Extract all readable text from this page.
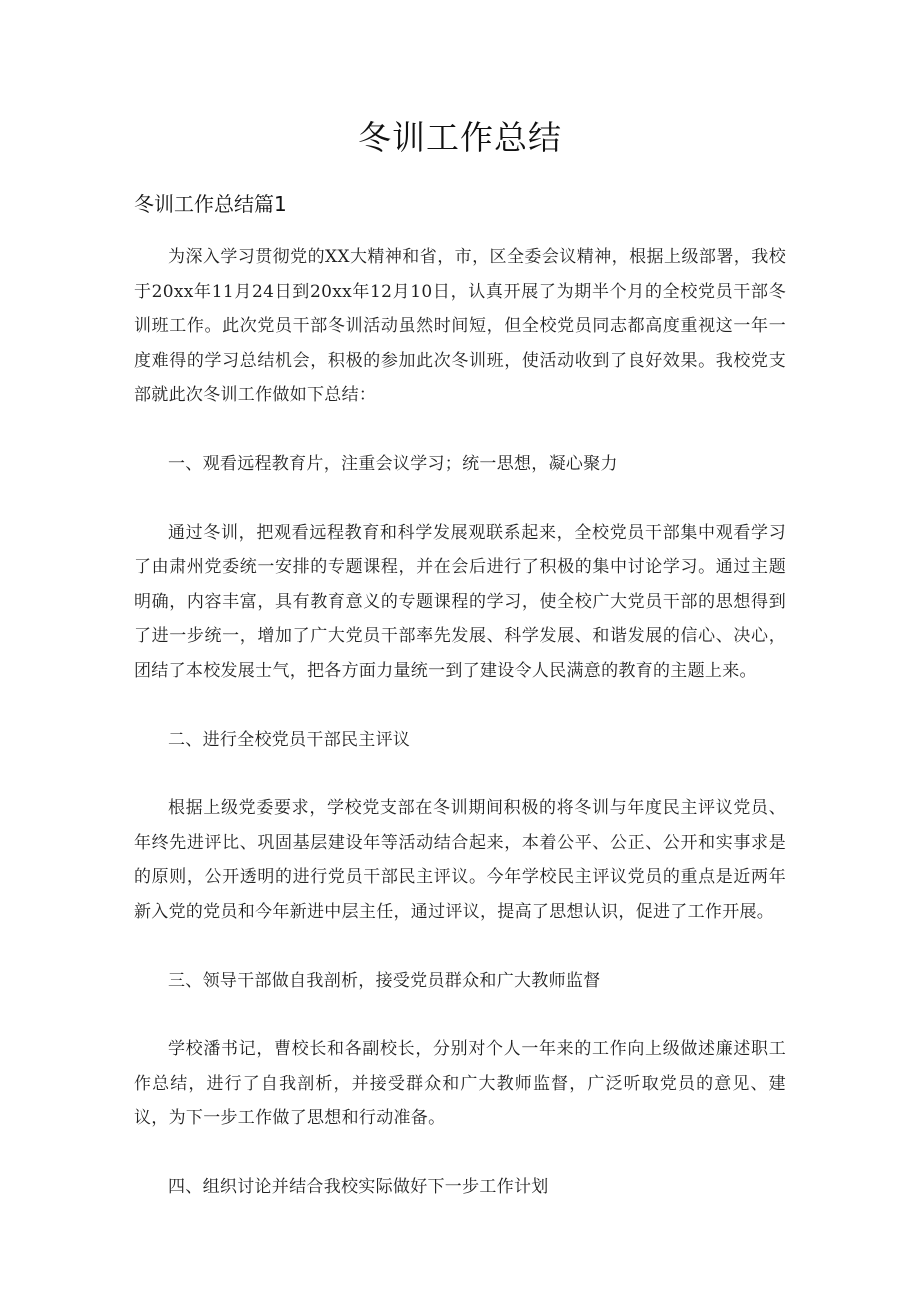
冬训工作总结
冬训工作总结篇1

为深入学习贯彻党的XX大精神和省，市，区全委会议精神，根据上级部署，我校于20xx年11月24日到20xx年12月10日，认真开展了为期半个月的全校党员干部冬训班工作。此次党员干部冬训活动虽然时间短，但全校党员同志都高度重视这一年一度难得的学习总结机会，积极的参加此次冬训班，使活动收到了良好效果。我校党支部就此次冬训工作做如下总结：

一、观看远程教育片，注重会议学习；统一思想，凝心聚力

通过冬训，把观看远程教育和科学发展观联系起来，全校党员干部集中观看学习了由肃州党委统一安排的专题课程，并在会后进行了积极的集中讨论学习。通过主题明确，内容丰富，具有教育意义的专题课程的学习，使全校广大党员干部的思想得到了进一步统一，增加了广大党员干部率先发展、科学发展、和谐发展的信心、决心，团结了本校发展士气，把各方面力量统一到了建设令人民满意的教育的主题上来。

二、进行全校党员干部民主评议

根据上级党委要求，学校党支部在冬训期间积极的将冬训与年度民主评议党员、年终先进评比、巩固基层建设年等活动结合起来，本着公平、公正、公开和实事求是的原则，公开透明的进行党员干部民主评议。今年学校民主评议党员的重点是近两年新入党的党员和今年新进中层主任，通过评议，提高了思想认识，促进了工作开展。

三、领导干部做自我剖析，接受党员群众和广大教师监督

学校潘书记，曹校长和各副校长，分别对个人一年来的工作向上级做述廉述职工作总结，进行了自我剖析，并接受群众和广大教师监督，广泛听取党员的意见、建议，为下一步工作做了思想和行动准备。

四、组织讨论并结合我校实际做好下一步工作计划
